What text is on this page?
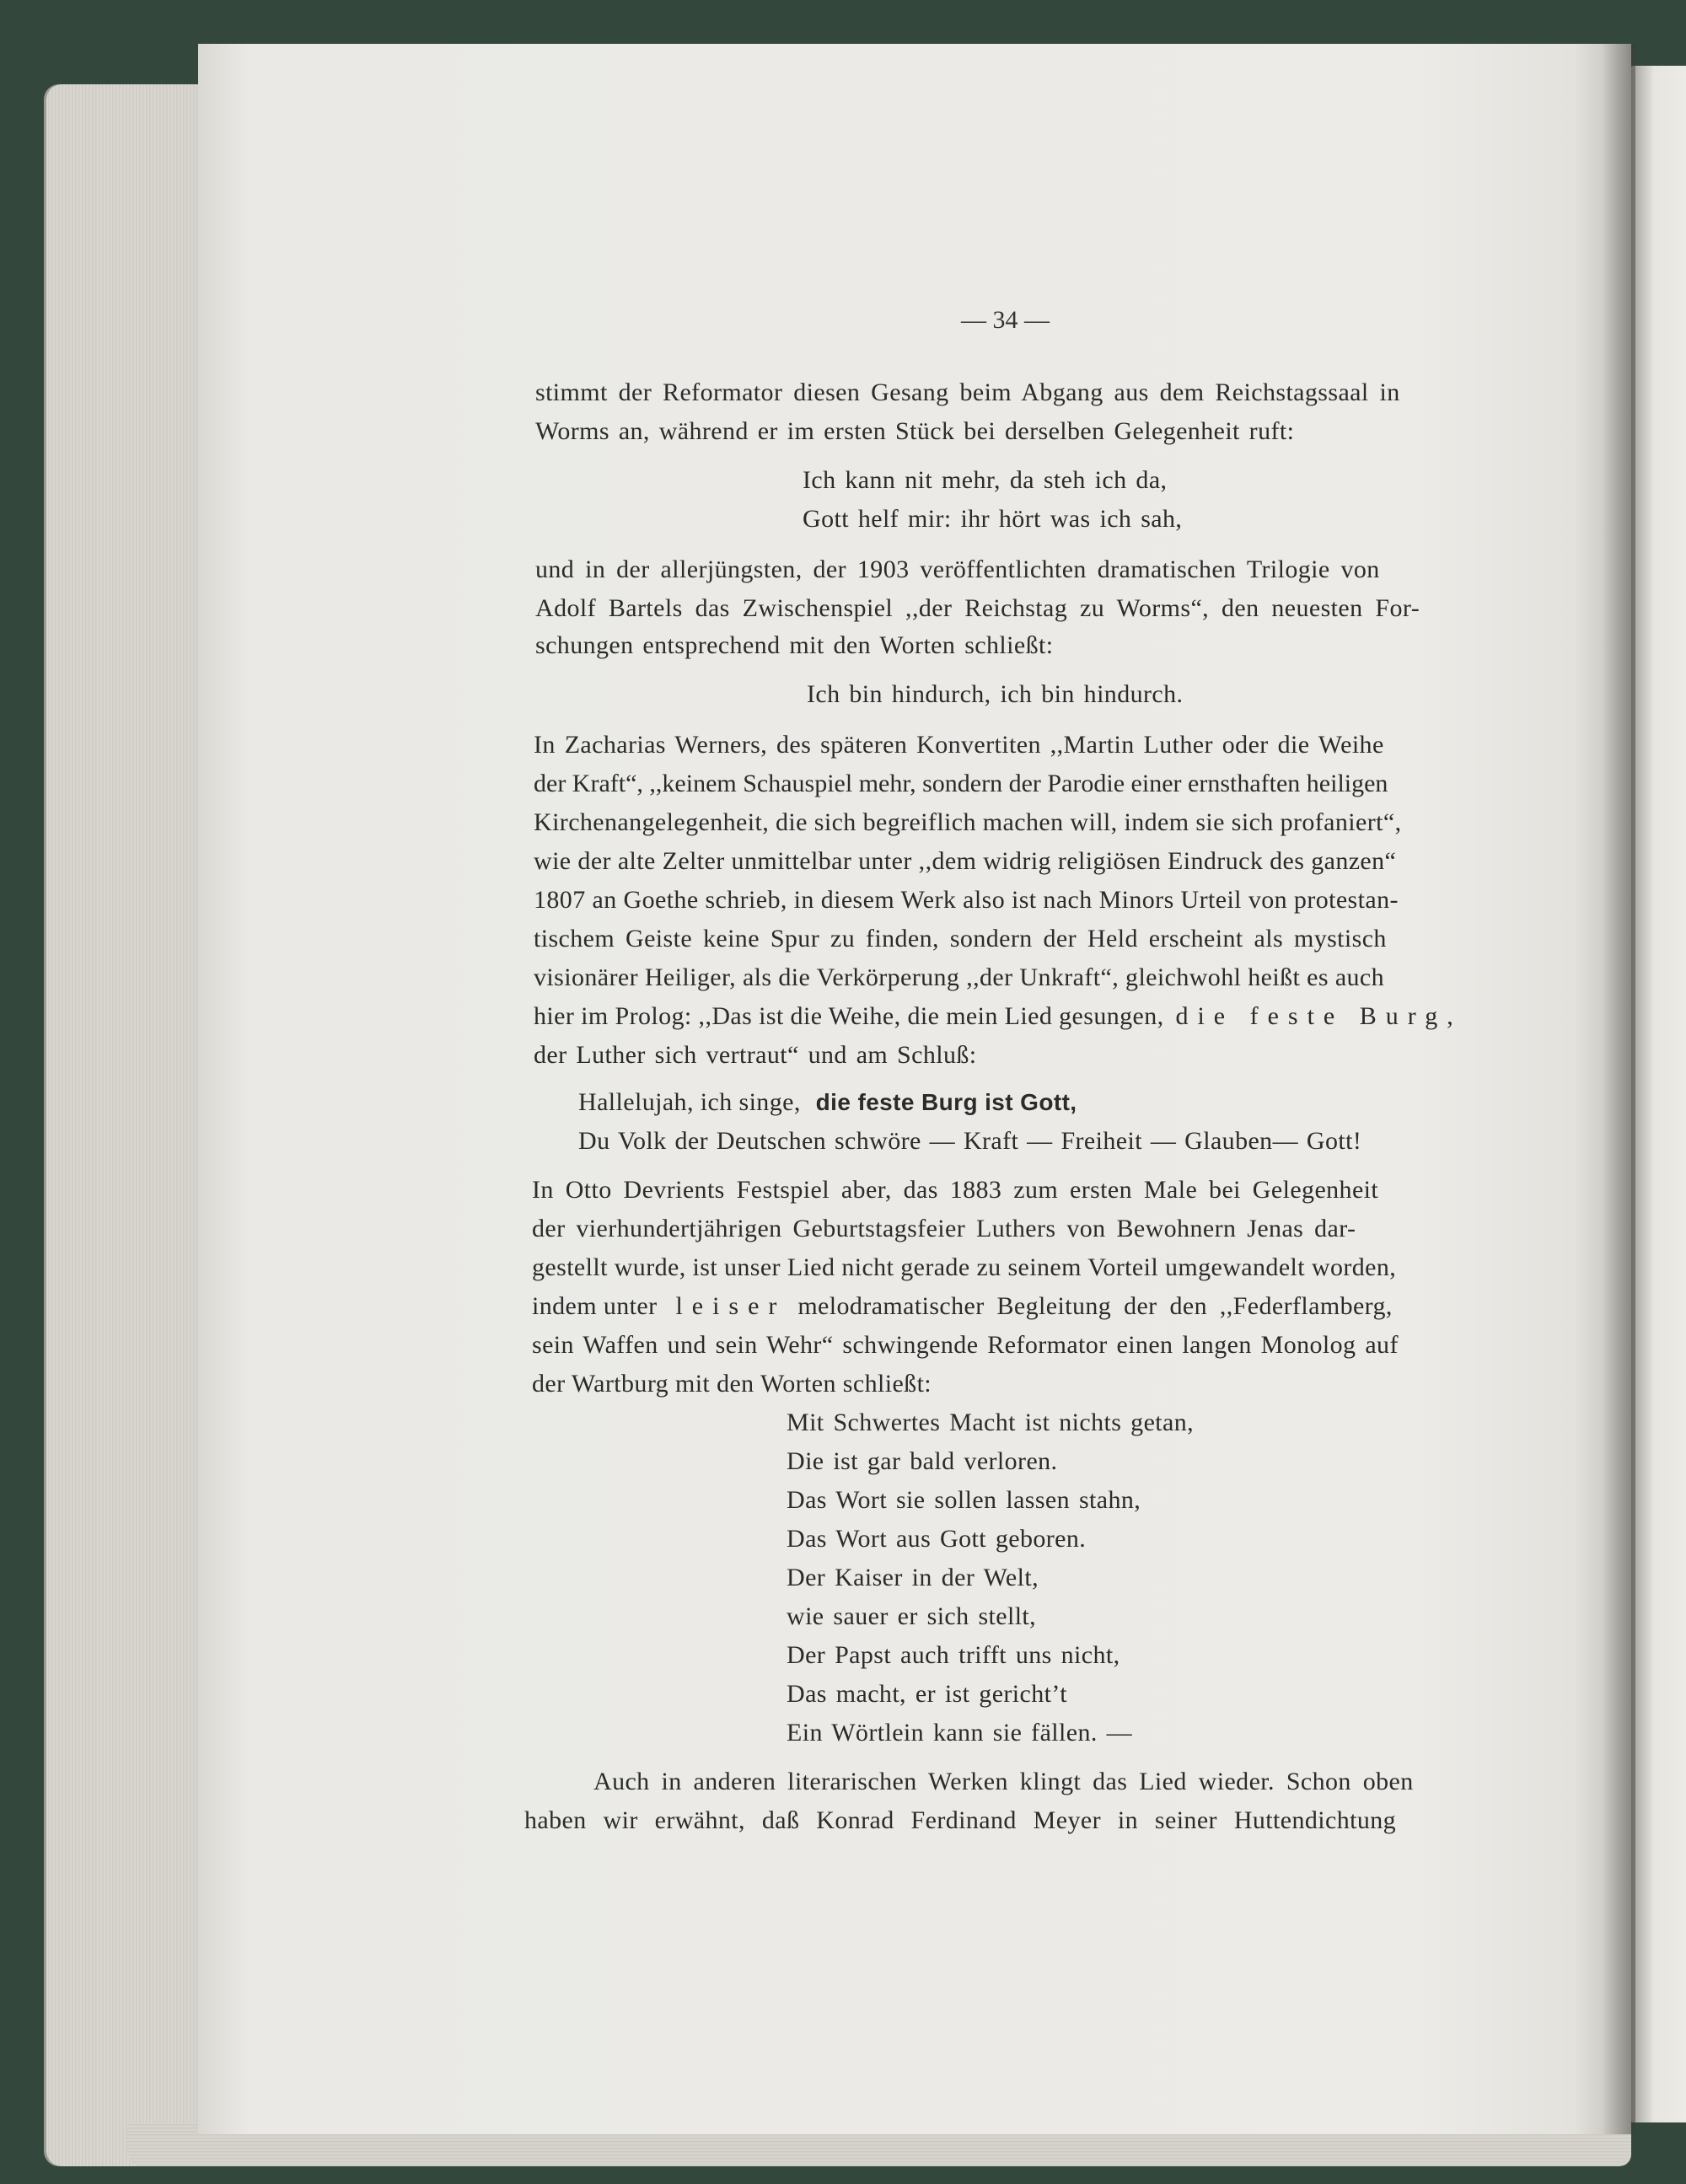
— 34 —
stimmt der Reformator diesen Gesang beim Abgang aus dem Reichstagssaal in
Worms an, während er im ersten Stück bei derselben Gelegenheit ruft:
Ich kann nit mehr, da steh ich da,
Gott helf mir: ihr hört was ich sah,
und in der allerjüngsten, der 1903 veröffentlichten dramatischen Trilogie von
Adolf Bartels das Zwischenspiel ,,der Reichstag zu Worms“, den neuesten For-
schungen entsprechend mit den Worten schließt:
Ich bin hindurch, ich bin hindurch.
In Zacharias Werners, des späteren Konvertiten ,,Martin Luther oder die Weihe
der Kraft“, ,,keinem Schauspiel mehr, sondern der Parodie einer ernsthaften heiligen
Kirchenangelegenheit, die sich begreiflich machen will, indem sie sich profaniert“,
wie der alte Zelter unmittelbar unter ,,dem widrig religiösen Eindruck des ganzen“
1807 an Goethe schrieb, in diesem Werk also ist nach Minors Urteil von protestan-
tischem Geiste keine Spur zu finden, sondern der Held erscheint als mystisch
visionärer Heiliger, als die Verkörperung ,,der Unkraft“, gleichwohl heißt es auch
hier im Prolog: ,,Das ist die Weihe, die mein Lied gesungen, die feste Burg,
der Luther sich vertraut“ und am Schluß:
Hallelujah, ich singe, die feste Burg ist Gott,
Du Volk der Deutschen schwöre — Kraft — Freiheit — Glauben— Gott!
In Otto Devrients Festspiel aber, das 1883 zum ersten Male bei Gelegenheit
der vierhundertjährigen Geburtstagsfeier Luthers von Bewohnern Jenas dar-
gestellt wurde, ist unser Lied nicht gerade zu seinem Vorteil umgewandelt worden,
indem unter leiser melodramatischer Begleitung der den ,,Federflamberg,
sein Waffen und sein Wehr“ schwingende Reformator einen langen Monolog auf
der Wartburg mit den Worten schließt:
Mit Schwertes Macht ist nichts getan,
Die ist gar bald verloren.
Das Wort sie sollen lassen stahn,
Das Wort aus Gott geboren.
Der Kaiser in der Welt,
wie sauer er sich stellt,
Der Papst auch trifft uns nicht,
Das macht, er ist gericht’t
Ein Wörtlein kann sie fällen. —
Auch in anderen literarischen Werken klingt das Lied wieder. Schon oben
haben wir erwähnt, daß Konrad Ferdinand Meyer in seiner Huttendichtung
